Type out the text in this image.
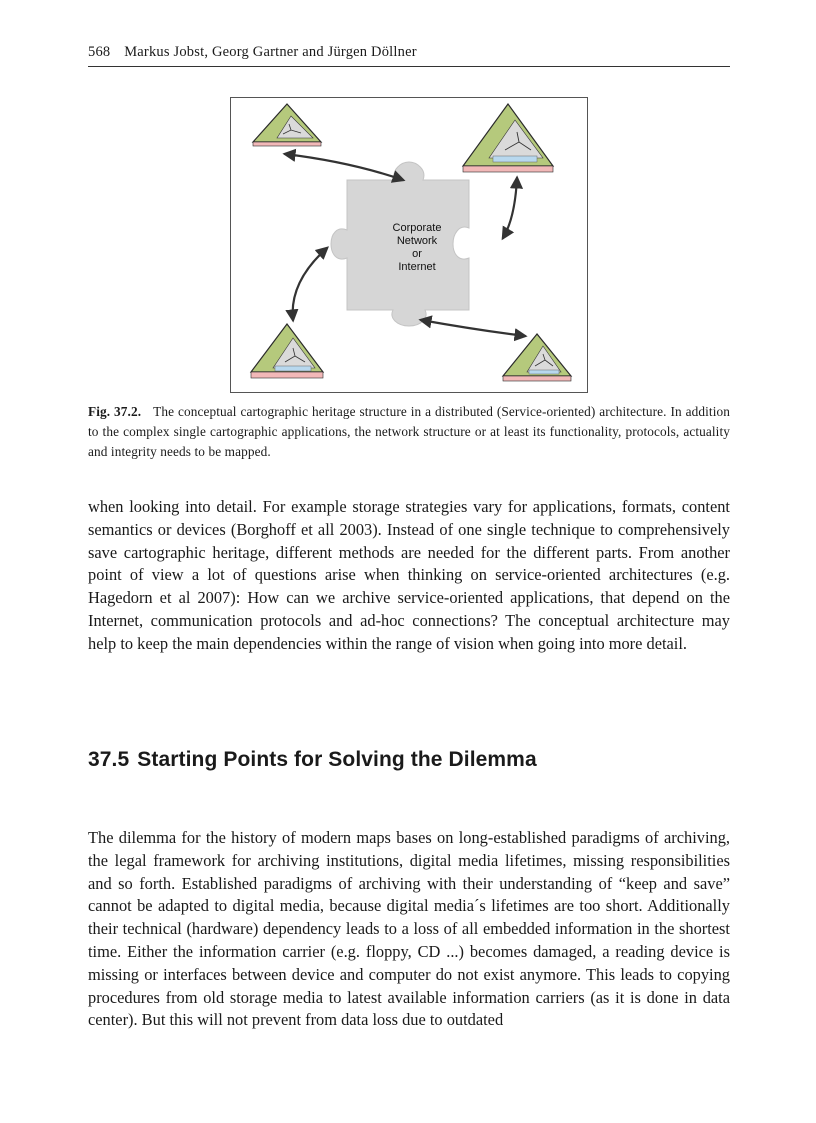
568 Markus Jobst, Georg Gartner and Jürgen Döllner
Corporate
Network
or
Internet
Fig. 37.2. The conceptual cartographic heritage structure in a distributed (Service-oriented) architecture. In addition to the complex single cartographic applications, the network structure or at least its functionality, protocols, actuality and integrity needs to be mapped.

when looking into detail. For example storage strategies vary for applications, formats, content semantics or devices (Borghoff et all 2003). Instead of one single technique to comprehensively save cartographic heritage, different methods are needed for the different parts. From another point of view a lot of questions arise when thinking on service-oriented architectures (e.g. Hagedorn et al 2007): How can we archive service-oriented applications, that depend on the Internet, communication protocols and ad-hoc connections? The conceptual architecture may help to keep the main dependencies within the range of vision when going into more detail.

37.5 Starting Points for Solving the Dilemma

The dilemma for the history of modern maps bases on long-established paradigms of archiving, the legal framework for archiving institutions, digital media lifetimes, missing responsibilities and so forth. Established paradigms of archiving with their understanding of “keep and save” cannot be adapted to digital media, because digital media´s lifetimes are too short. Additionally their technical (hardware) dependency leads to a loss of all embedded information in the shortest time. Either the information carrier (e.g. floppy, CD ...) becomes damaged, a reading device is missing or interfaces between device and computer do not exist anymore. This leads to copying procedures from old storage media to latest available information carriers (as it is done in data center). But this will not prevent from data loss due to outdated
